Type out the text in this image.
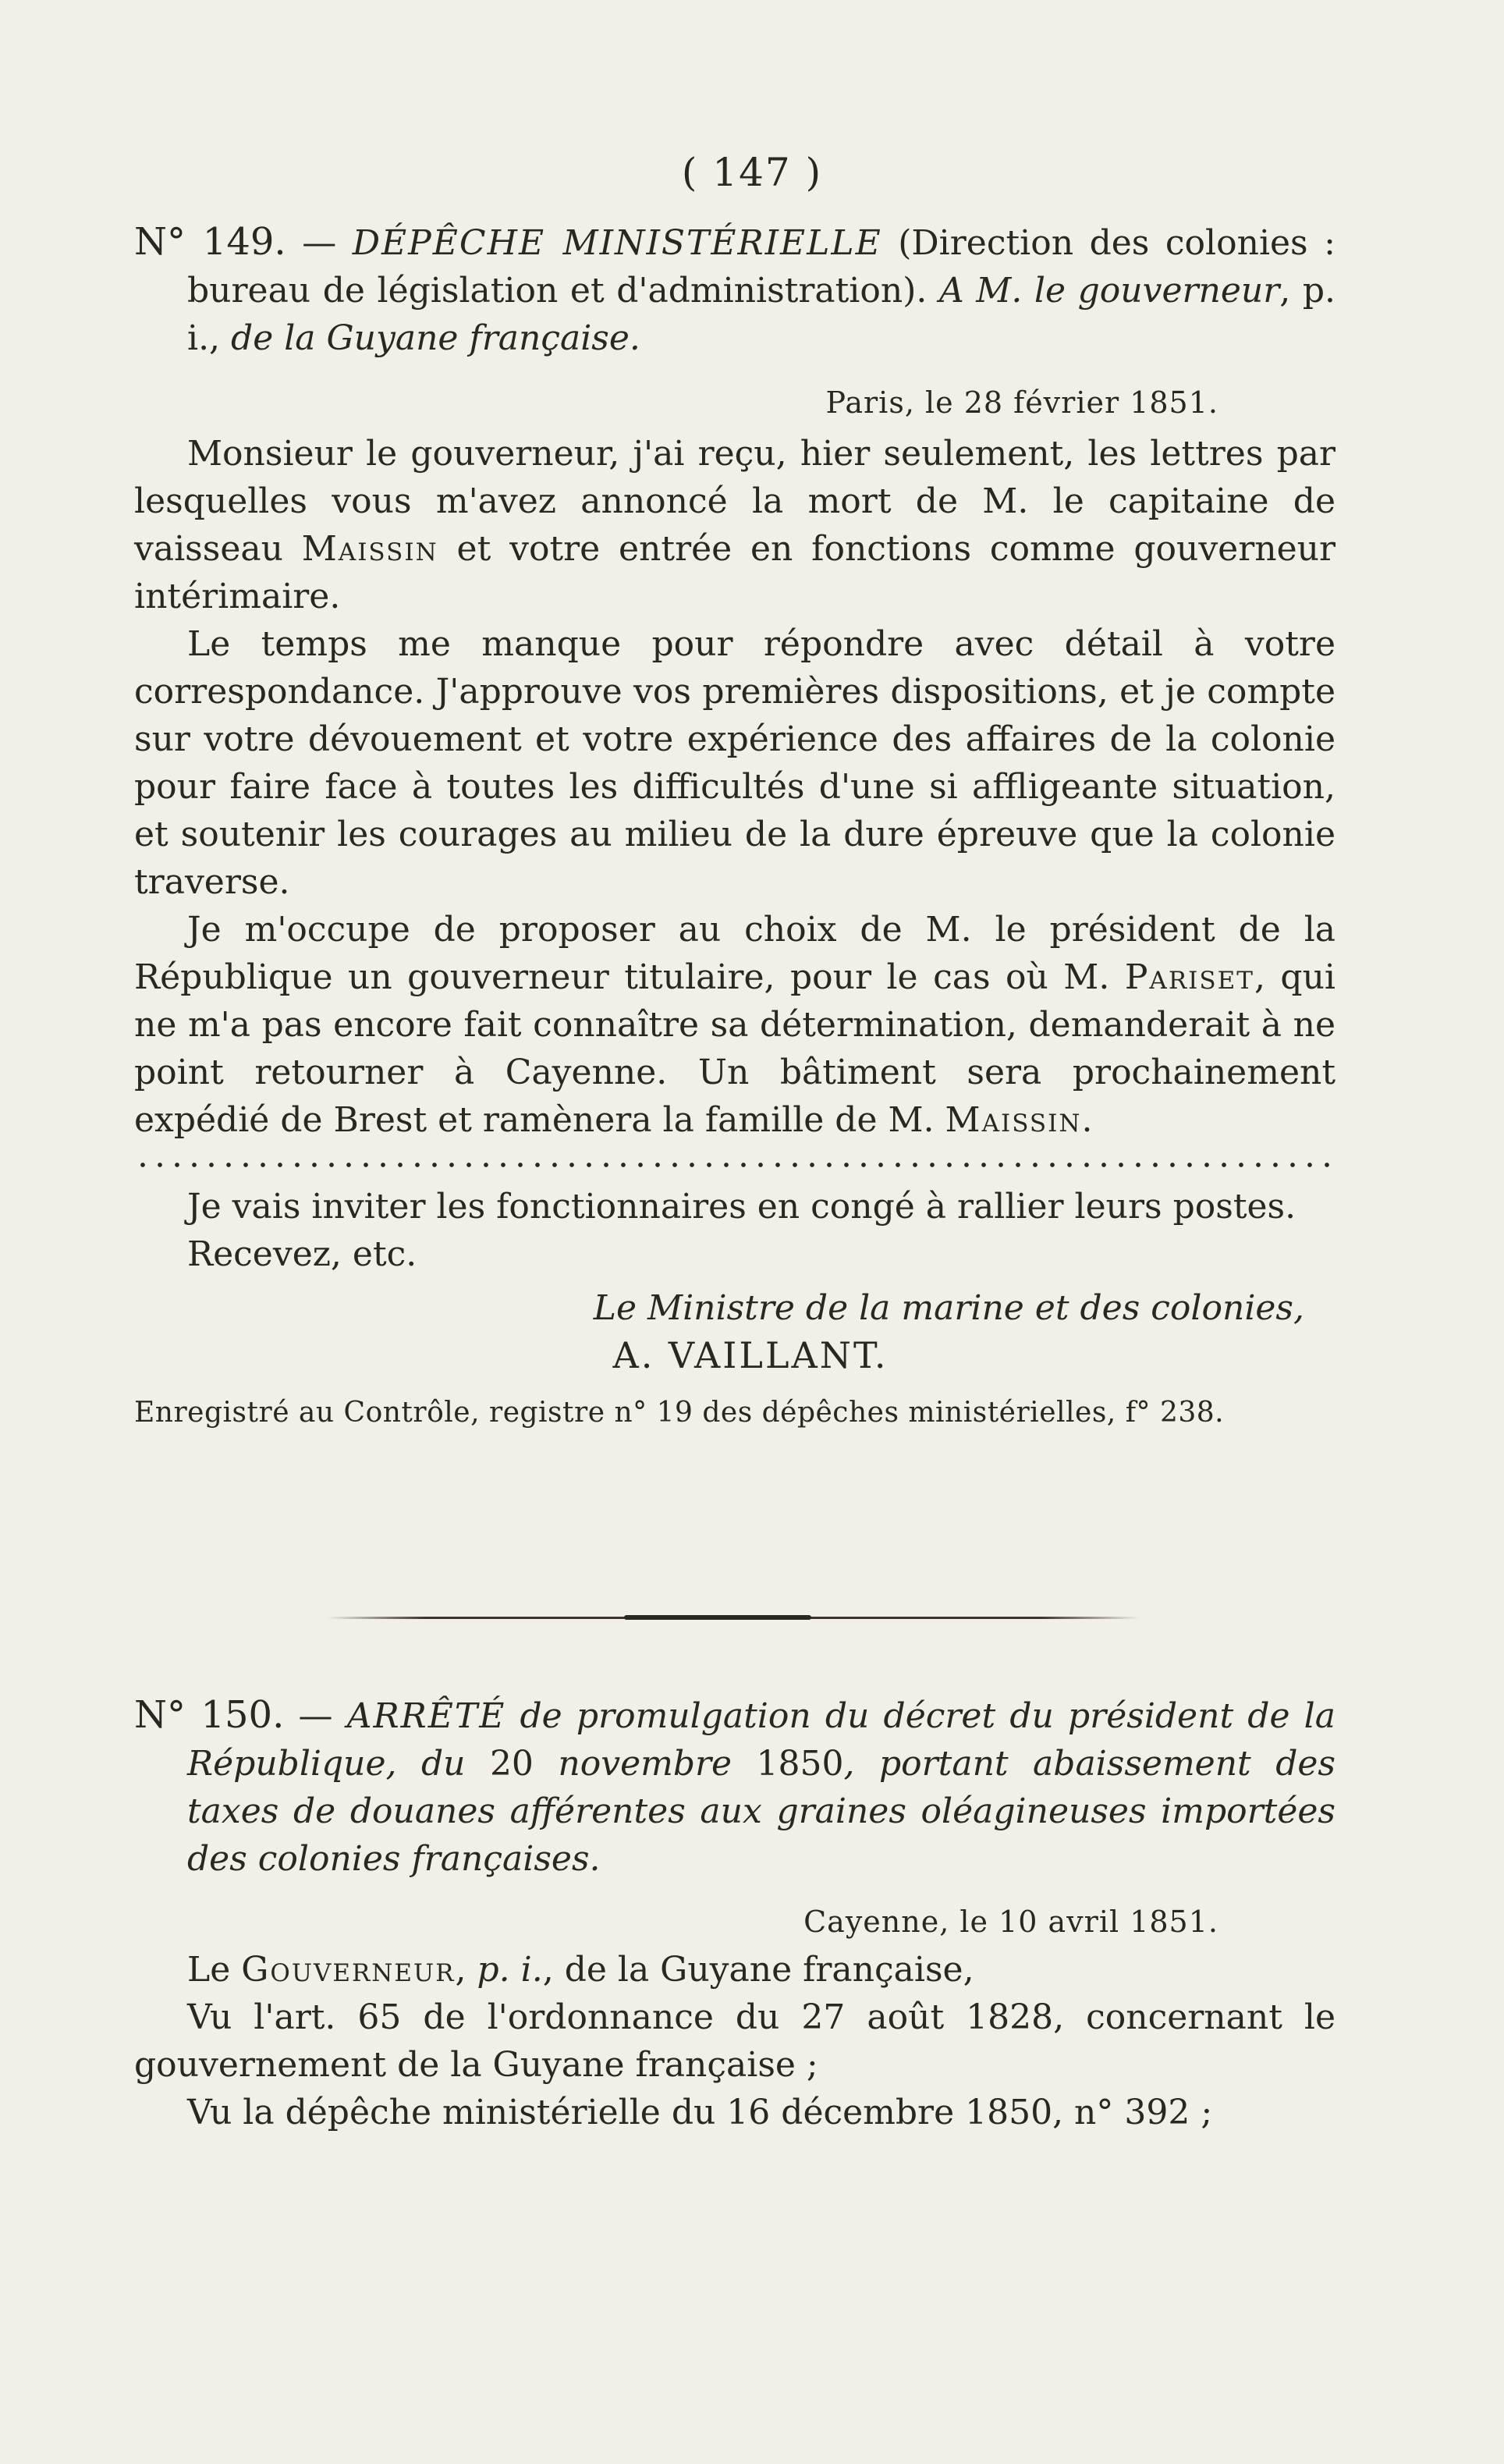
( 147 )

N° 149. — DÉPÊCHE MINISTÉRIELLE (Direction des colonies : bureau de législation et d'administration). A M. le gouverneur, p. i., de la Guyane française.

Paris, le 28 février 1851.

Monsieur le gouverneur, j'ai reçu, hier seulement, les lettres par lesquelles vous m'avez annoncé la mort de M. le capitaine de vaisseau Maissin et votre entrée en fonctions comme gouverneur intérimaire.

Le temps me manque pour répondre avec détail à votre correspondance. J'approuve vos premières dispositions, et je compte sur votre dévouement et votre expérience des affaires de la colonie pour faire face à toutes les difficultés d'une si affligeante situation, et soutenir les courages au milieu de la dure épreuve que la colonie traverse.

Je m'occupe de proposer au choix de M. le président de la République un gouverneur titulaire, pour le cas où M. Pariset, qui ne m'a pas encore fait connaître sa détermination, demanderait à ne point retourner à Cayenne. Un bâtiment sera prochainement expédié de Brest et ramènera la famille de M. Maissin.

Je vais inviter les fonctionnaires en congé à rallier leurs postes.

Recevez, etc.

Le Ministre de la marine et des colonies,
A. VAILLANT.
Enregistré au Contrôle, registre n° 19 des dépêches ministérielles, f° 238.

N° 150. — ARRÊTÉ de promulgation du décret du président de la République, du 20 novembre 1850, portant abaissement des taxes de douanes afférentes aux graines oléagineuses importées des colonies françaises.

Cayenne, le 10 avril 1851.

Le Gouverneur, p. i., de la Guyane française,

Vu l'art. 65 de l'ordonnance du 27 août 1828, concernant le gouvernement de la Guyane française ;

Vu la dépêche ministérielle du 16 décembre 1850, n° 392 ;
